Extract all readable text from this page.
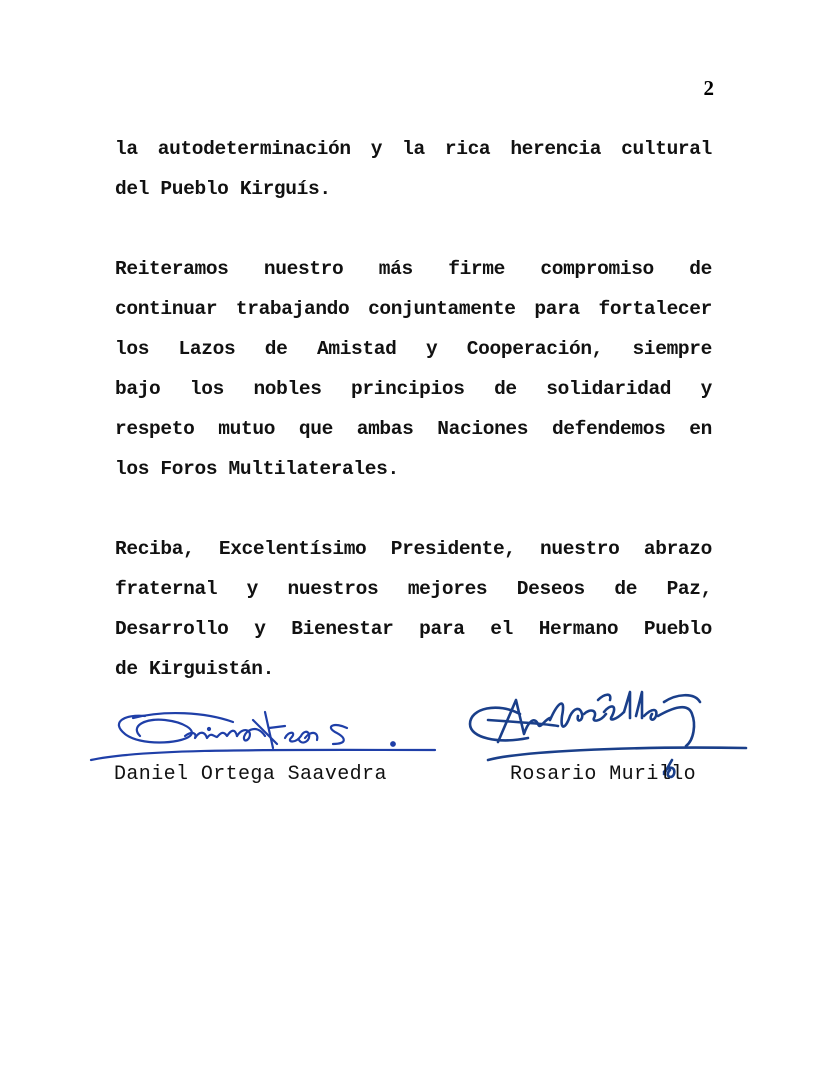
2
la autodeterminación y la rica herencia cultural
del Pueblo Kirguís.
Reiteramos nuestro más firme compromiso de
continuar trabajando conjuntamente para fortalecer
los Lazos de Amistad y Cooperación, siempre
bajo los nobles principios de solidaridad y
respeto mutuo que ambas Naciones defendemos en
los Foros Multilaterales.
Reciba, Excelentísimo Presidente, nuestro abrazo
fraternal y nuestros mejores Deseos de Paz,
Desarrollo y Bienestar para el Hermano Pueblo
de Kirguistán.
Daniel Ortega Saavedra	Rosario Murillo
